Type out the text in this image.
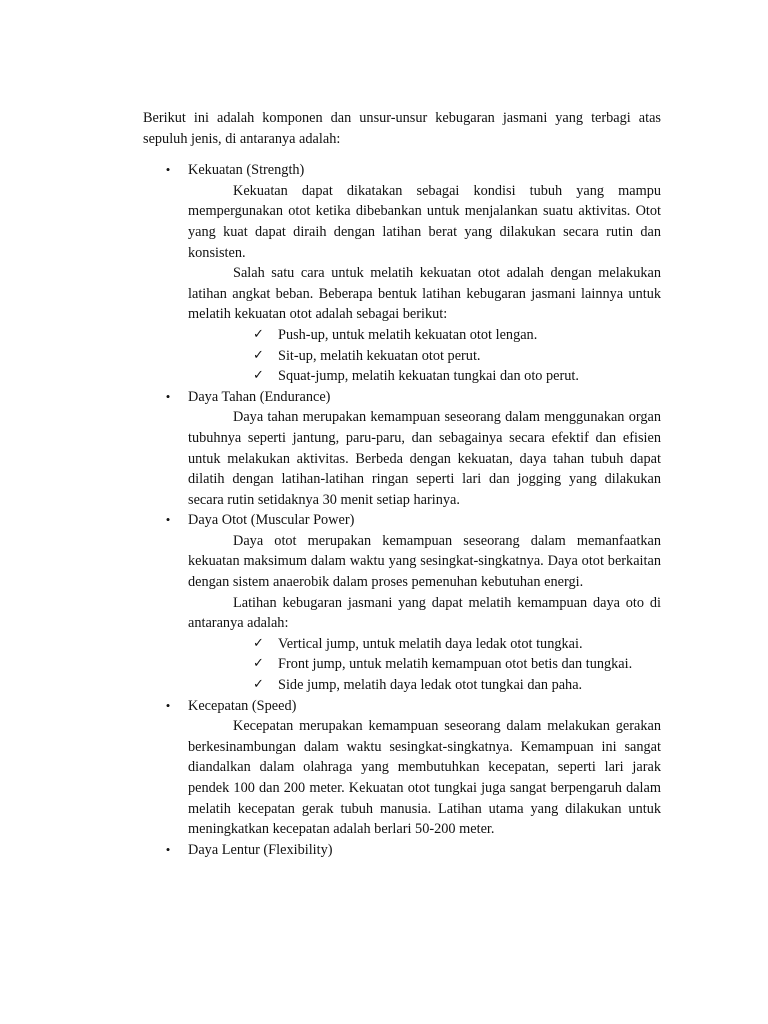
Berikut ini adalah komponen dan unsur-unsur kebugaran jasmani yang terbagi atas sepuluh jenis, di antaranya adalah:

• Kekuatan (Strength)

Kekuatan dapat dikatakan sebagai kondisi tubuh yang mampu mempergunakan otot ketika dibebankan untuk menjalankan suatu aktivitas. Otot yang kuat dapat diraih dengan latihan berat yang dilakukan secara rutin dan konsisten.

Salah satu cara untuk melatih kekuatan otot adalah dengan melakukan latihan angkat beban. Beberapa bentuk latihan kebugaran jasmani lainnya untuk melatih kekuatan otot adalah sebagai berikut:

✓ Push-up, untuk melatih kekuatan otot lengan.
✓ Sit-up, melatih kekuatan otot perut.
✓ Squat-jump, melatih kekuatan tungkai dan oto perut.
• Daya Tahan (Endurance)

Daya tahan merupakan kemampuan seseorang dalam menggunakan organ tubuhnya seperti jantung, paru-paru, dan sebagainya secara efektif dan efisien untuk melakukan aktivitas. Berbeda dengan kekuatan, daya tahan tubuh dapat dilatih dengan latihan-latihan ringan seperti lari dan jogging yang dilakukan secara rutin setidaknya 30 menit setiap harinya.

• Daya Otot (Muscular Power)

Daya otot merupakan kemampuan seseorang dalam memanfaatkan kekuatan maksimum dalam waktu yang sesingkat-singkatnya. Daya otot berkaitan dengan sistem anaerobik dalam proses pemenuhan kebutuhan energi.

Latihan kebugaran jasmani yang dapat melatih kemampuan daya oto di antaranya adalah:

✓ Vertical jump, untuk melatih daya ledak otot tungkai.
✓ Front jump, untuk melatih kemampuan otot betis dan tungkai.
✓ Side jump, melatih daya ledak otot tungkai dan paha.
• Kecepatan (Speed)

Kecepatan merupakan kemampuan seseorang dalam melakukan gerakan berkesinambungan dalam waktu sesingkat-singkatnya. Kemampuan ini sangat diandalkan dalam olahraga yang membutuhkan kecepatan, seperti lari jarak pendek 100 dan 200 meter. Kekuatan otot tungkai juga sangat berpengaruh dalam melatih kecepatan gerak tubuh manusia. Latihan utama yang dilakukan untuk meningkatkan kecepatan adalah berlari 50-200 meter.

• Daya Lentur (Flexibility)
